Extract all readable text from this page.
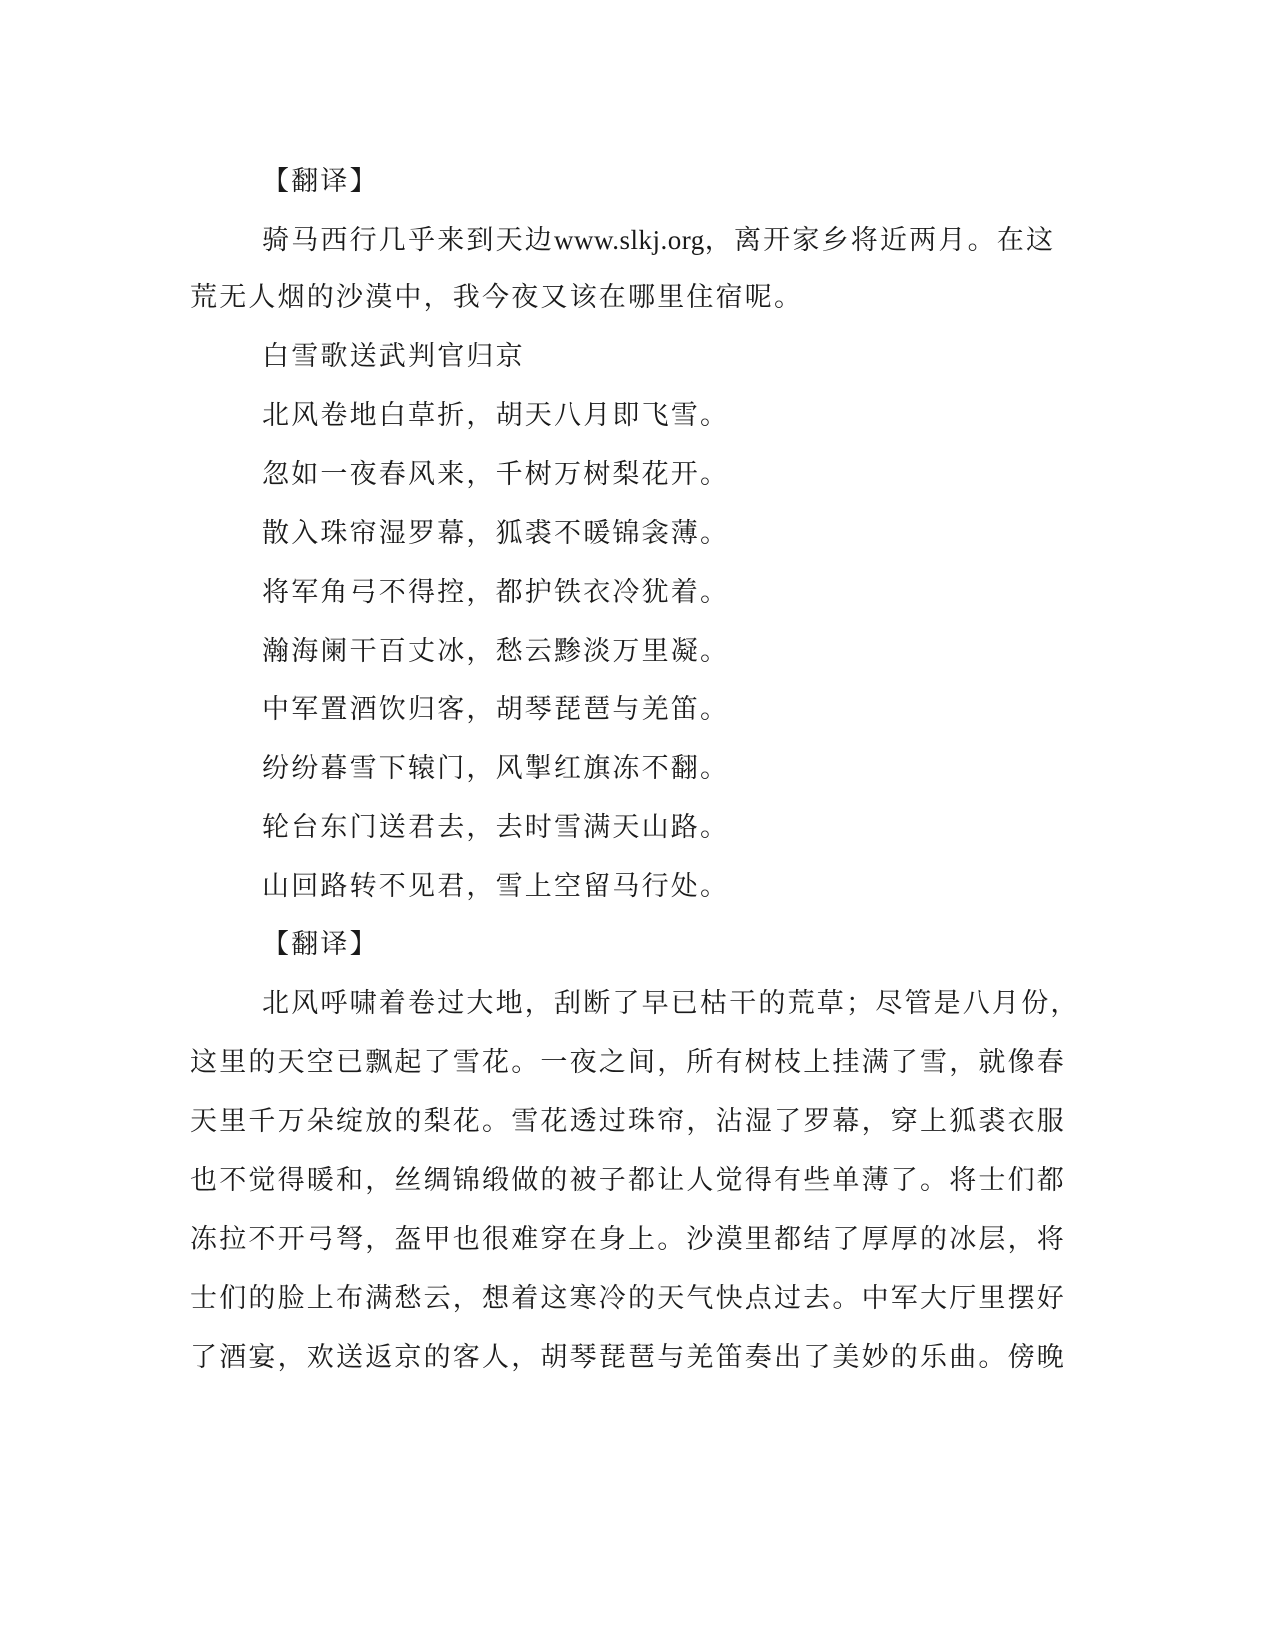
【翻译】
骑马西行几乎来到天边www.slkj.org，离开家乡将近两月。在这
荒无人烟的沙漠中，我今夜又该在哪里住宿呢。
白雪歌送武判官归京
北风卷地白草折，胡天八月即飞雪。
忽如一夜春风来，千树万树梨花开。
散入珠帘湿罗幕，狐裘不暖锦衾薄。
将军角弓不得控，都护铁衣冷犹着。
瀚海阑干百丈冰，愁云黪淡万里凝。
中军置酒饮归客，胡琴琵琶与羌笛。
纷纷暮雪下辕门，风掣红旗冻不翻。
轮台东门送君去，去时雪满天山路。
山回路转不见君，雪上空留马行处。
【翻译】
北风呼啸着卷过大地，刮断了早已枯干的荒草；尽管是八月份，
这里的天空已飘起了雪花。一夜之间，所有树枝上挂满了雪，就像春
天里千万朵绽放的梨花。雪花透过珠帘，沾湿了罗幕，穿上狐裘衣服
也不觉得暖和，丝绸锦缎做的被子都让人觉得有些单薄了。将士们都
冻拉不开弓弩，盔甲也很难穿在身上。沙漠里都结了厚厚的冰层，将
士们的脸上布满愁云，想着这寒冷的天气快点过去。中军大厅里摆好
了酒宴，欢送返京的客人，胡琴琵琶与羌笛奏出了美妙的乐曲。傍晚
